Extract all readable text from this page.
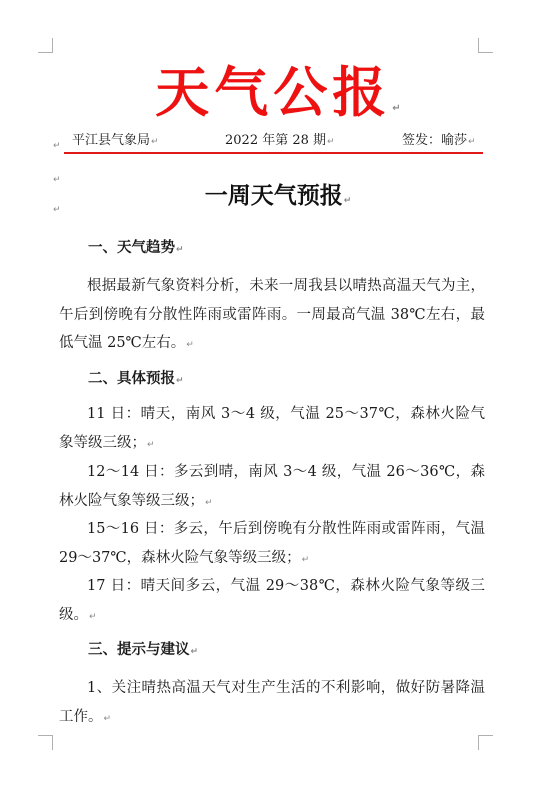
天气公报↵
↵ 平江县气象局↵	2022 年第 28 期↵	签发：喻莎↵
↵
↵
一周天气预报↵
一、天气趋势↵
根据最新气象资料分析，未来一周我县以晴热高温天气为主，午后到傍晚有分散性阵雨或雷阵雨。一周最高气温 38℃左右，最低气温 25℃左右。↵
二、具体预报↵
11 日：晴天，南风 3～4 级，气温 25～37℃，森林火险气象等级三级；↵
12～14 日：多云到晴，南风 3～4 级，气温 26～36℃，森林火险气象等级三级；↵
15～16 日：多云，午后到傍晚有分散性阵雨或雷阵雨，气温 29～37℃，森林火险气象等级三级；↵
17 日：晴天间多云，气温 29～38℃，森林火险气象等级三级。↵
三、提示与建议↵
1、关注晴热高温天气对生产生活的不利影响，做好防暑降温工作。↵
